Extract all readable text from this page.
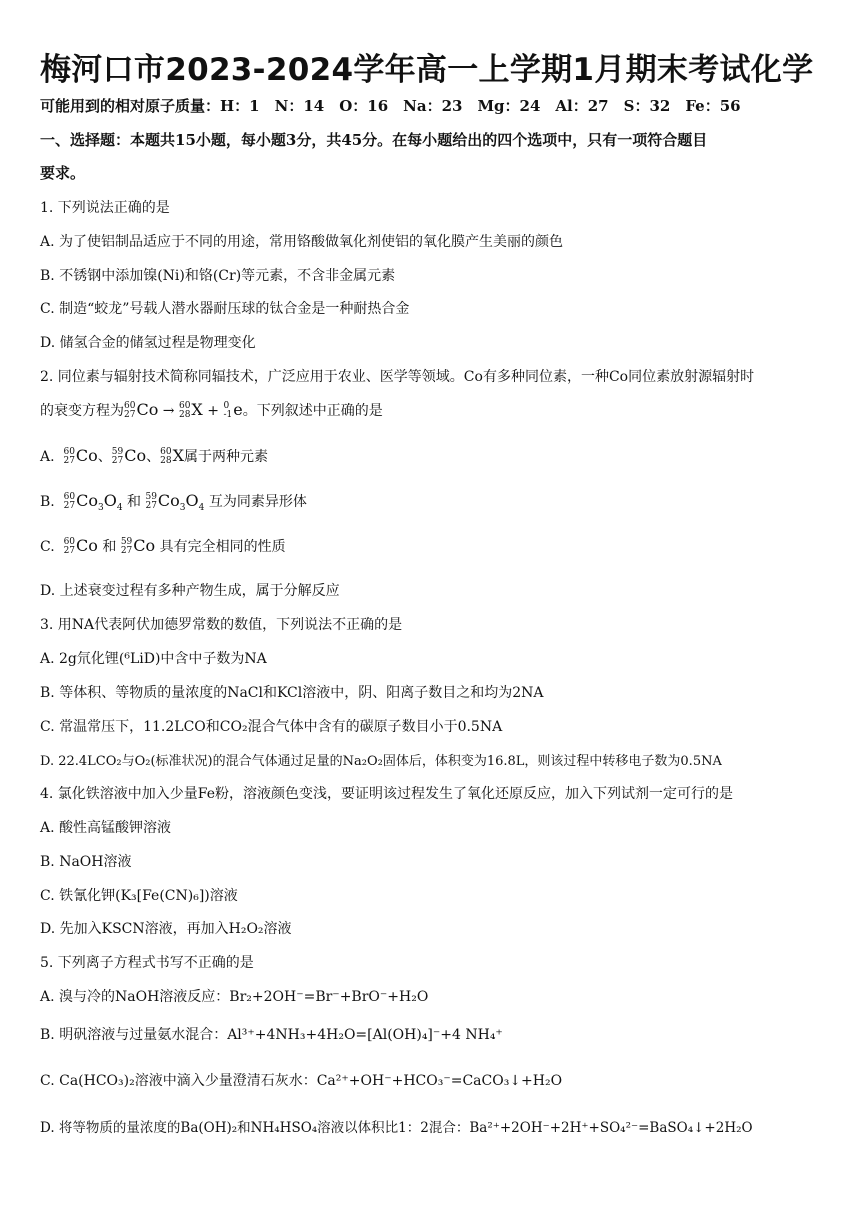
梅河口市2023-2024学年高一上学期1月期末考试化学
可能用到的相对原子质量：H：1　N：14　O：16　Na：23　Mg：24　Al：27　S：32　Fe：56
一、选择题：本题共15小题，每小题3分，共45分。在每小题给出的四个选项中，只有一项符合题目
要求。
1. 下列说法正确的是
A. 为了使铝制品适应于不同的用途，常用铬酸做氧化剂使铝的氧化膜产生美丽的颜色
B. 不锈钢中添加镍(Ni)和铬(Cr)等元素，不含非金属元素
C. 制造“蛟龙”号载人潜水器耐压球的钛合金是一种耐热合金
D. 储氢合金的储氢过程是物理变化
2. 同位素与辐射技术简称同辐技术，广泛应用于农业、医学等领域。Co有多种同位素，一种Co同位素放射源辐射时
的衰变方程为 60
27 Co → 60
28 X + 0
-1 e。下列叙述中正确的是
A. 60
27 Co、 59
27 Co、 60
28 X属于两种元素
B. 60
27 $Co_3O_4$ 和 59
27 $Co_3O_4$ 互为同素异形体
C. 60
27 Co 和 59
27 Co 具有完全相同的性质
D. 上述衰变过程有多种产物生成，属于分解反应
3. 用NA代表阿伏加德罗常数的数值，下列说法不正确的是
A. 2g氘化锂(⁶LiD)中含中子数为NA
B. 等体积、等物质的量浓度的NaCl和KCl溶液中，阴、阳离子数目之和均为2NA
C. 常温常压下，11.2LCO和CO₂混合气体中含有的碳原子数目小于0.5NA
D. 22.4LCO₂与O₂(标准状况)的混合气体通过足量的Na₂O₂固体后，体积变为16.8L，则该过程中转移电子数为0.5NA
4. 氯化铁溶液中加入少量Fe粉，溶液颜色变浅，要证明该过程发生了氧化还原反应，加入下列试剂一定可行的是
A. 酸性高锰酸钾溶液
B. NaOH溶液
C. 铁氰化钾(K₃[Fe(CN)₆])溶液
D. 先加入KSCN溶液，再加入H₂O₂溶液
5. 下列离子方程式书写不正确的是
A. 溴与冷的NaOH溶液反应：Br₂+2OH⁻=Br⁻+BrO⁻+H₂O
B. 明矾溶液与过量氨水混合：Al³⁺+4NH₃+4H₂O=[Al(OH)₄]⁻+4 NH₄⁺
C. Ca(HCO₃)₂溶液中滴入少量澄清石灰水：Ca²⁺+OH⁻+HCO₃⁻=CaCO₃↓+H₂O
D. 将等物质的量浓度的Ba(OH)₂和NH₄HSO₄溶液以体积比1：2混合：Ba²⁺+2OH⁻+2H⁺+SO₄²⁻=BaSO₄↓+2H₂O
